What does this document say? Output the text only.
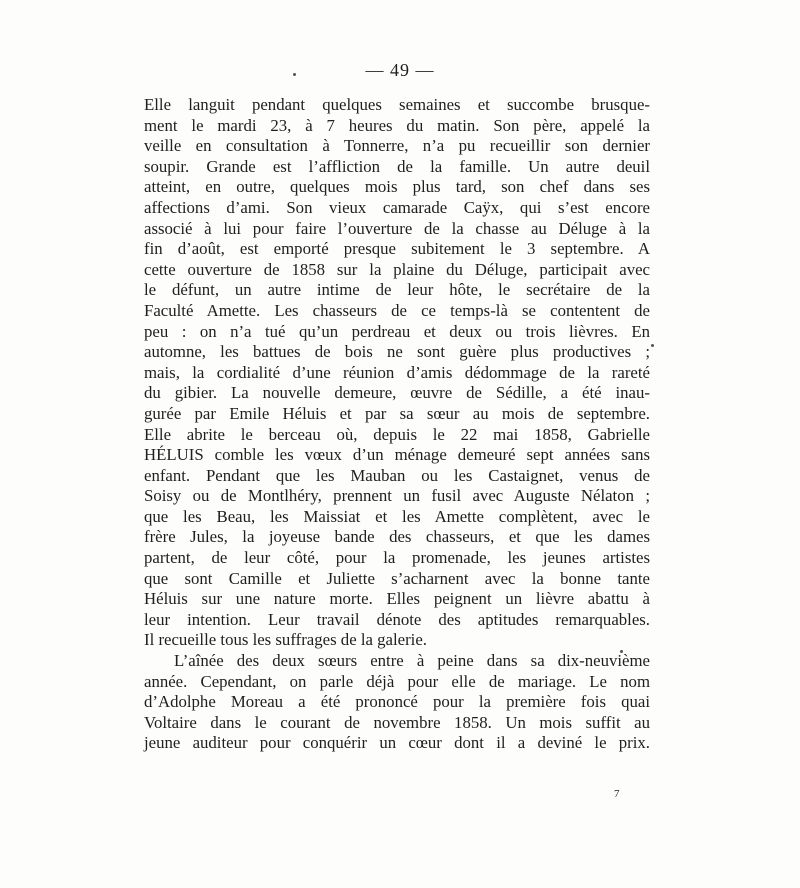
— 49 —
Elle languit pendant quelques semaines et succombe brusque-
ment le mardi 23, à 7 heures du matin. Son père, appelé la
veille en consultation à Tonnerre, n’a pu recueillir son dernier
soupir. Grande est l’affliction de la famille. Un autre deuil
atteint, en outre, quelques mois plus tard, son chef dans ses
affections d’ami. Son vieux camarade Caÿx, qui s’est encore
associé à lui pour faire l’ouverture de la chasse au Déluge à la
fin d’août, est emporté presque subitement le 3 septembre. A
cette ouverture de 1858 sur la plaine du Déluge, participait avec
le défunt, un autre intime de leur hôte, le secrétaire de la
Faculté Amette. Les chasseurs de ce temps-là se contentent de
peu : on n’a tué qu’un perdreau et deux ou trois lièvres. En
automne, les battues de bois ne sont guère plus productives ;
mais, la cordialité d’une réunion d’amis dédommage de la rareté
du gibier. La nouvelle demeure, œuvre de Sédille, a été inau-
gurée par Emile Héluis et par sa sœur au mois de septembre.
Elle abrite le berceau où, depuis le 22 mai 1858, Gabrielle
HÉLUIS comble les vœux d’un ménage demeuré sept années sans
enfant. Pendant que les Mauban ou les Castaignet, venus de
Soisy ou de Montlhéry, prennent un fusil avec Auguste Nélaton ;
que les Beau, les Maissiat et les Amette complètent, avec le
frère Jules, la joyeuse bande des chasseurs, et que les dames
partent, de leur côté, pour la promenade, les jeunes artistes
que sont Camille et Juliette s’acharnent avec la bonne tante
Héluis sur une nature morte. Elles peignent un lièvre abattu à
leur intention. Leur travail dénote des aptitudes remarquables.
Il recueille tous les suffrages de la galerie.
L’aînée des deux sœurs entre à peine dans sa dix-neuvième
année. Cependant, on parle déjà pour elle de mariage. Le nom
d’Adolphe Moreau a été prononcé pour la première fois quai
Voltaire dans le courant de novembre 1858. Un mois suffit au
jeune auditeur pour conquérir un cœur dont il a deviné le prix.
7
